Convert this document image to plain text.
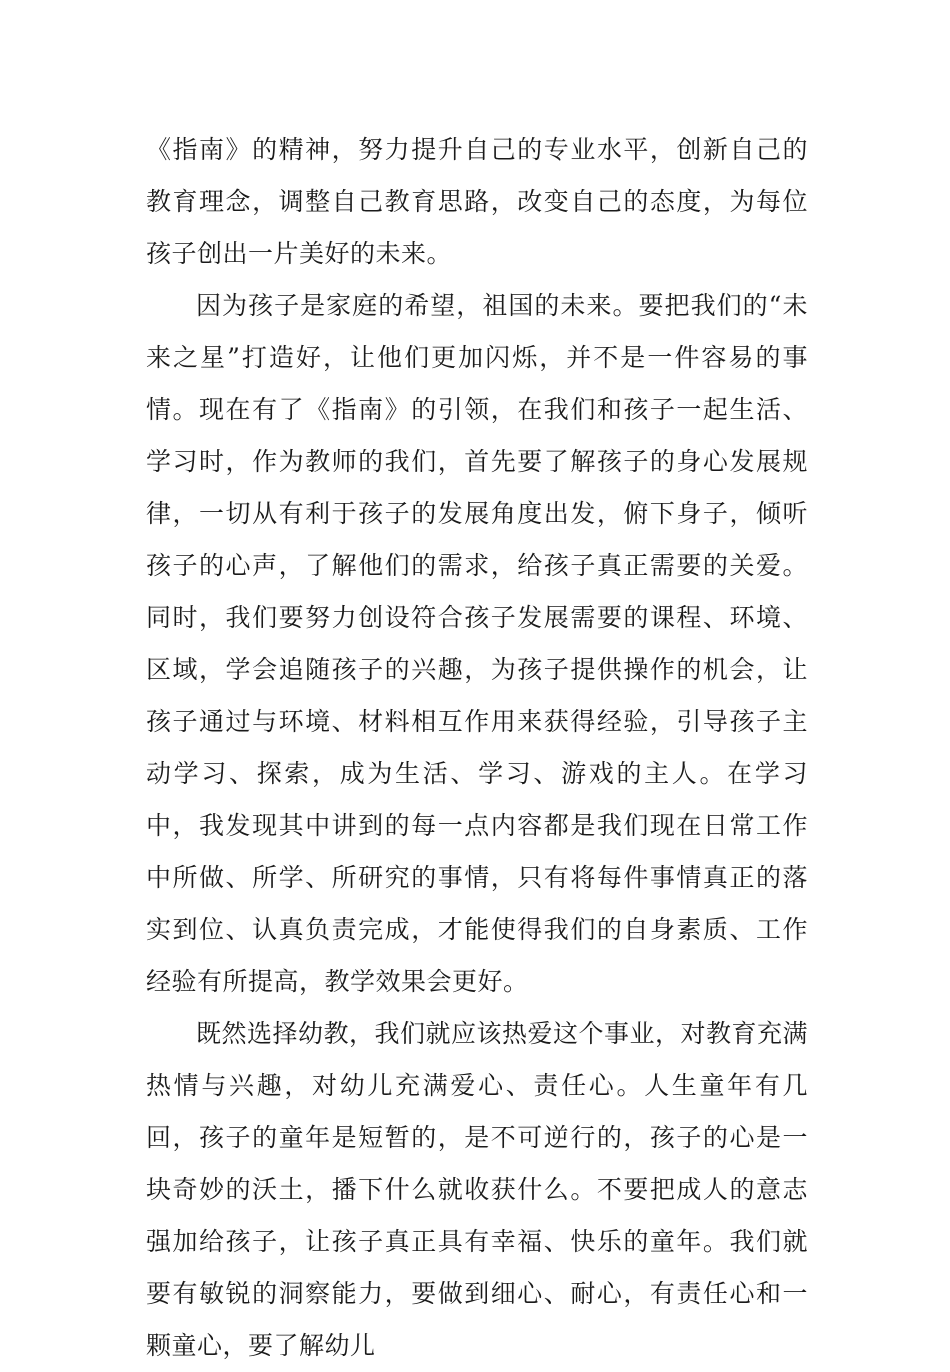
《指南》的精神，努力提升自己的专业水平，创新自己的教育理念，调整自己教育思路，改变自己的态度，为每位孩子创出一片美好的未来。

因为孩子是家庭的希望，祖国的未来。要把我们的“未来之星”打造好，让他们更加闪烁，并不是一件容易的事情。现在有了《指南》的引领，在我们和孩子一起生活、学习时，作为教师的我们，首先要了解孩子的身心发展规律，一切从有利于孩子的发展角度出发，俯下身子，倾听孩子的心声，了解他们的需求，给孩子真正需要的关爱。同时，我们要努力创设符合孩子发展需要的课程、环境、区域，学会追随孩子的兴趣，为孩子提供操作的机会，让孩子通过与环境、材料相互作用来获得经验，引导孩子主动学习、探索，成为生活、学习、游戏的主人。在学习中，我发现其中讲到的每一点内容都是我们现在日常工作中所做、所学、所研究的事情，只有将每件事情真正的落实到位、认真负责完成，才能使得我们的自身素质、工作经验有所提高，教学效果会更好。

既然选择幼教，我们就应该热爱这个事业，对教育充满热情与兴趣，对幼儿充满爱心、责任心。人生童年有几回，孩子的童年是短暂的，是不可逆行的，孩子的心是一块奇妙的沃土，播下什么就收获什么。不要把成人的意志强加给孩子，让孩子真正具有幸福、快乐的童年。我们就要有敏锐的洞察能力，要做到细心、耐心，有责任心和一颗童心，要了解幼儿
